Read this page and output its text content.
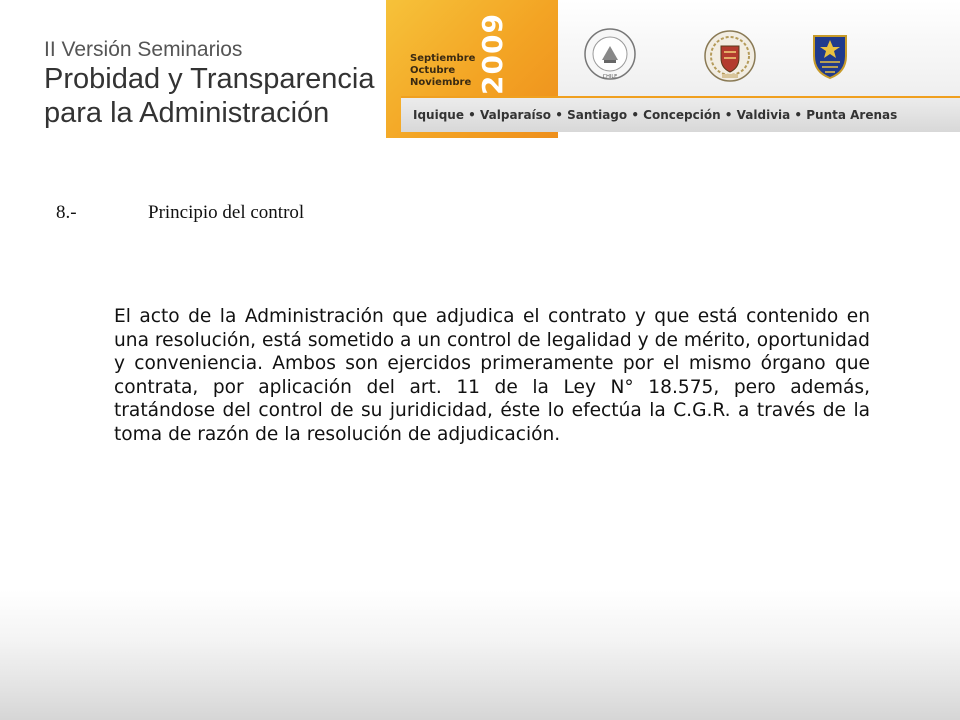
II Versión Seminarios
Probidad y Transparencia
para la Administración
Septiembre
Octubre
Noviembre 2009	CHILE
Iquique • Valparaíso • Santiago • Concepción • Valdivia • Punta Arenas
8.-	Principio del control
El acto de la Administración que adjudica el contrato y que está contenido en una resolución, está sometido a un control de legalidad y de mérito, oportunidad y conveniencia. Ambos son ejercidos primeramente por el mismo órgano que contrata, por aplicación del art. 11 de la Ley N° 18.575, pero además, tratándose del control de su juridicidad, éste lo efectúa la C.G.R. a través de la toma de razón de la resolución de adjudicación.
